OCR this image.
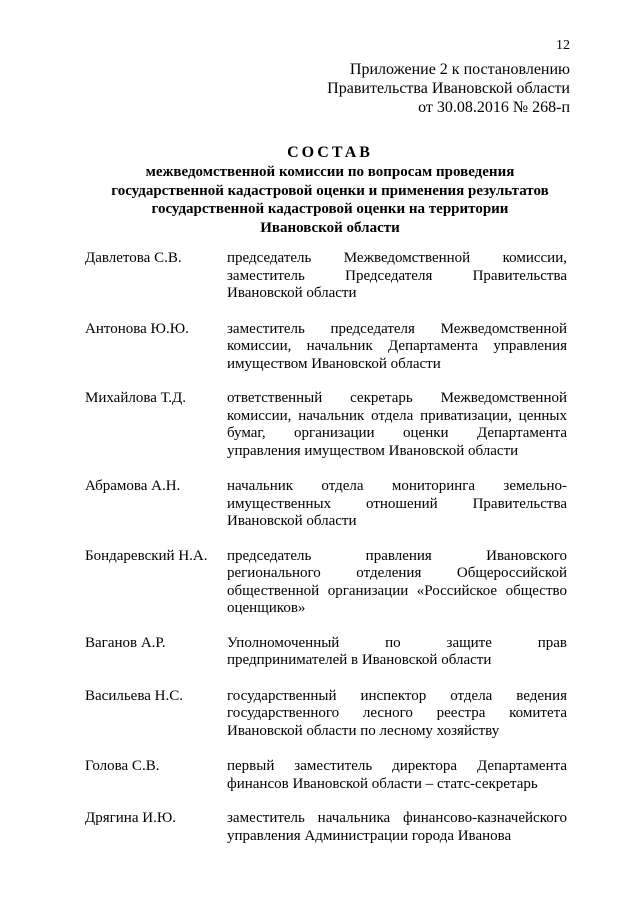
12
Приложение 2 к постановлению
Правительства Ивановской области
от 30.08.2016 № 268-п
СОСТАВ
межведомственной комиссии по вопросам проведения
государственной кадастровой оценки и применения результатов
государственной кадастровой оценки на территории
Ивановской области
Давлетова С.В.	председатель Межведомственной комиссии,
заместитель Председателя Правительства
Ивановской области
Антонова Ю.Ю.	заместитель председателя Межведомственной
комиссии, начальник Департамента управления
имуществом Ивановской области
Михайлова Т.Д.	ответственный секретарь Межведомственной
комиссии, начальник отдела приватизации, ценных
бумаг, организации оценки Департамента
управления имуществом Ивановской области
Абрамова А.Н.	начальник отдела мониторинга земельно-
имущественных отношений Правительства
Ивановской области
Бондаревский Н.А.	председатель правления Ивановского
регионального отделения Общероссийской
общественной организации «Российское общество
оценщиков»
Ваганов А.Р.	Уполномоченный по защите прав
предпринимателей в Ивановской области
Васильева Н.С.	государственный инспектор отдела ведения
государственного лесного реестра комитета
Ивановской области по лесному хозяйству
Голова С.В.	первый заместитель директора Департамента
финансов Ивановской области – статс-секретарь
Дрягина И.Ю.	заместитель начальника финансово-казначейского
управления Администрации города Иванова
